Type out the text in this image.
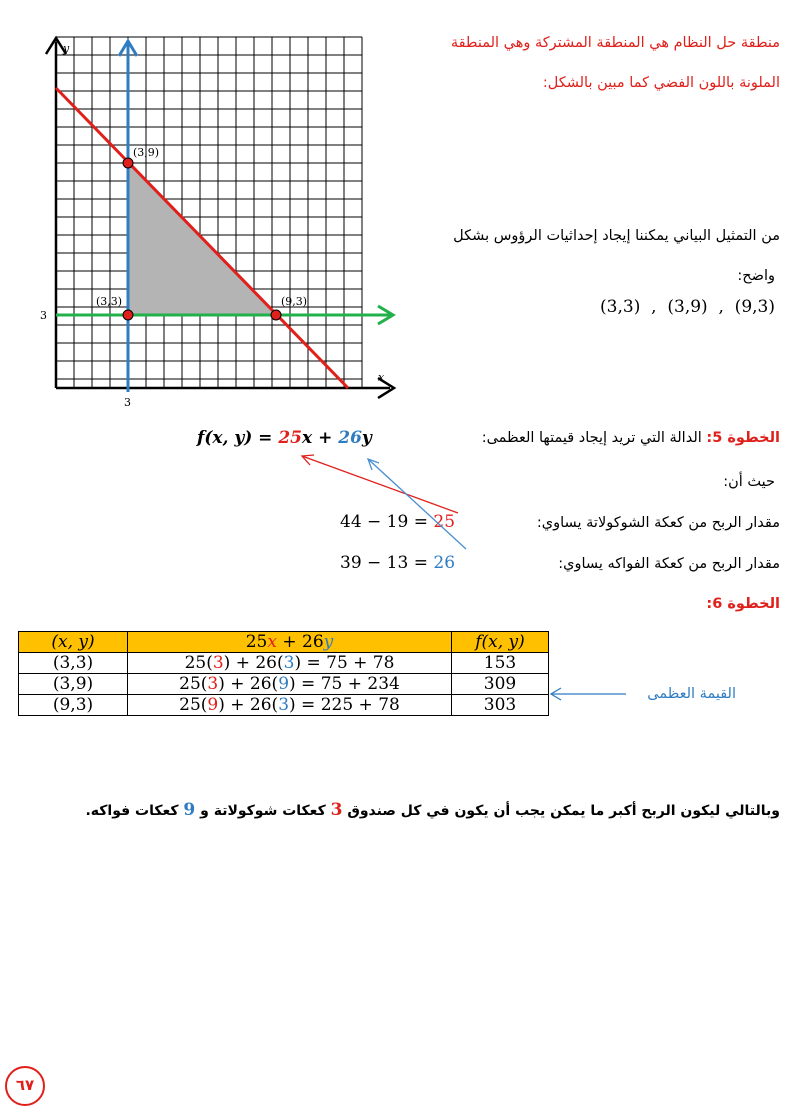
منطقة حل النظام هي المنطقة المشتركة وهي المنطقة
الملونة باللون الفضي كما مبين بالشكل:
y
x
3
3
(3,9)
(3,3)	(9,3)
من التمثيل البياني يمكننا إيجاد إحداثيات الرؤوس بشكل
واضح:
(3,3)  ,  (3,9)  ,  (9,3)
الخطوة 5: الدالة التي تريد إيجاد قيمتها العظمى:
f(x, y) = 25x + 26y
حيث أن:
مقدار الربح من كعكة الشوكولاتة يساوي:
44 − 19 = 25
مقدار الربح من كعكة الفواكه يساوي:
39 − 13 = 26
الخطوة 6:
(x, y)	25x + 26y	f(x, y)
(3,3)	25(3) + 26(3) = 75 + 78	153
(3,9)	25(3) + 26(9) = 75 + 234	309
(9,3)	25(9) + 26(3) = 225 + 78	303
القيمة العظمى
وبالتالي ليكون الربح أكبر ما يمكن يجب أن يكون في كل صندوق 3 كعكات شوكولاتة و 9 كعكات فواكه.
٦٧
